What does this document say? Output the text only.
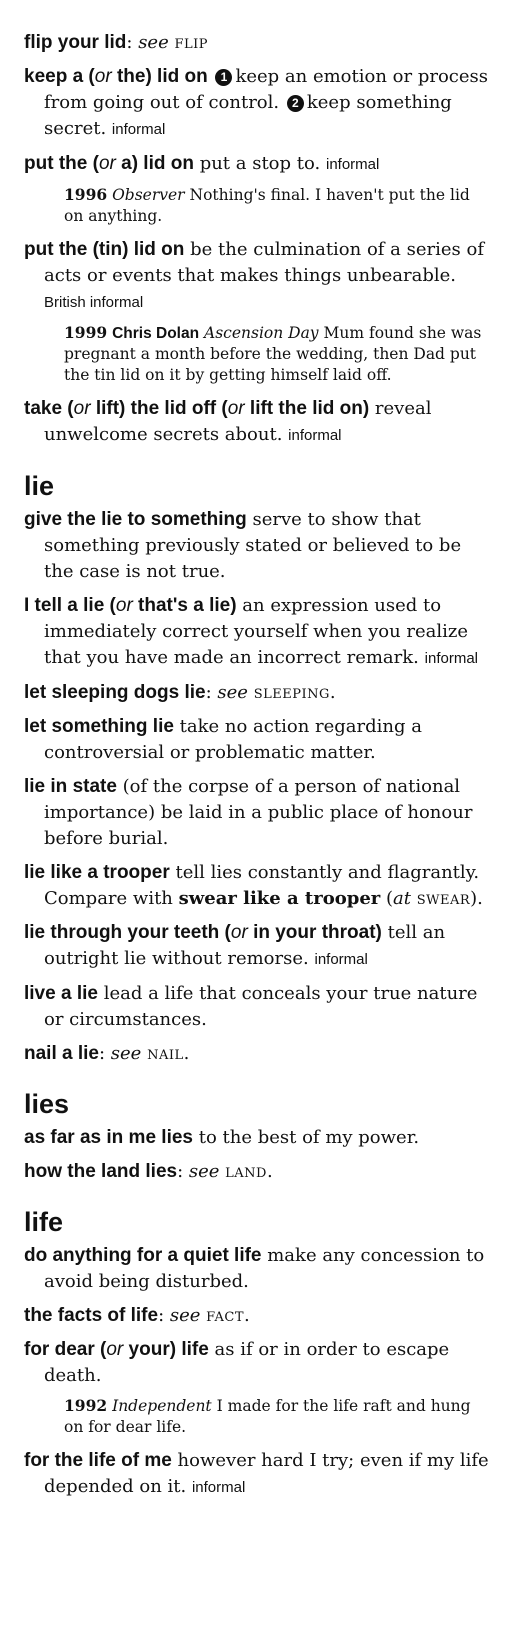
flip your lid: see flip

keep a (or the) lid on 1 keep an emotion or process from going out of control. 2 keep something secret. informal

put the (or a) lid on put a stop to. informal

1996 Observer Nothing's final. I haven't put the lid on anything.

put the (tin) lid on be the culmination of a series of acts or events that makes things unbearable. British informal

1999 Chris Dolan Ascension Day Mum found she was pregnant a month before the wedding, then Dad put the tin lid on it by getting himself laid off.

take (or lift) the lid off (or lift the lid on) reveal unwelcome secrets about. informal

lie

give the lie to something serve to show that something previously stated or believed to be the case is not true.

I tell a lie (or that's a lie) an expression used to immediately correct yourself when you realize that you have made an incorrect remark. informal

let sleeping dogs lie: see sleeping.

let something lie take no action regarding a controversial or problematic matter.

lie in state (of the corpse of a person of national importance) be laid in a public place of honour before burial.

lie like a trooper tell lies constantly and flagrantly. Compare with swear like a trooper (at swear).

lie through your teeth (or in your throat) tell an outright lie without remorse. informal

live a lie lead a life that conceals your true nature or circumstances.

nail a lie: see nail.

lies

as far as in me lies to the best of my power.

how the land lies: see land.

life

do anything for a quiet life make any concession to avoid being disturbed.

the facts of life: see fact.

for dear (or your) life as if or in order to escape death.

1992 Independent I made for the life raft and hung on for dear life.

for the life of me however hard I try; even if my life depended on it. informal
